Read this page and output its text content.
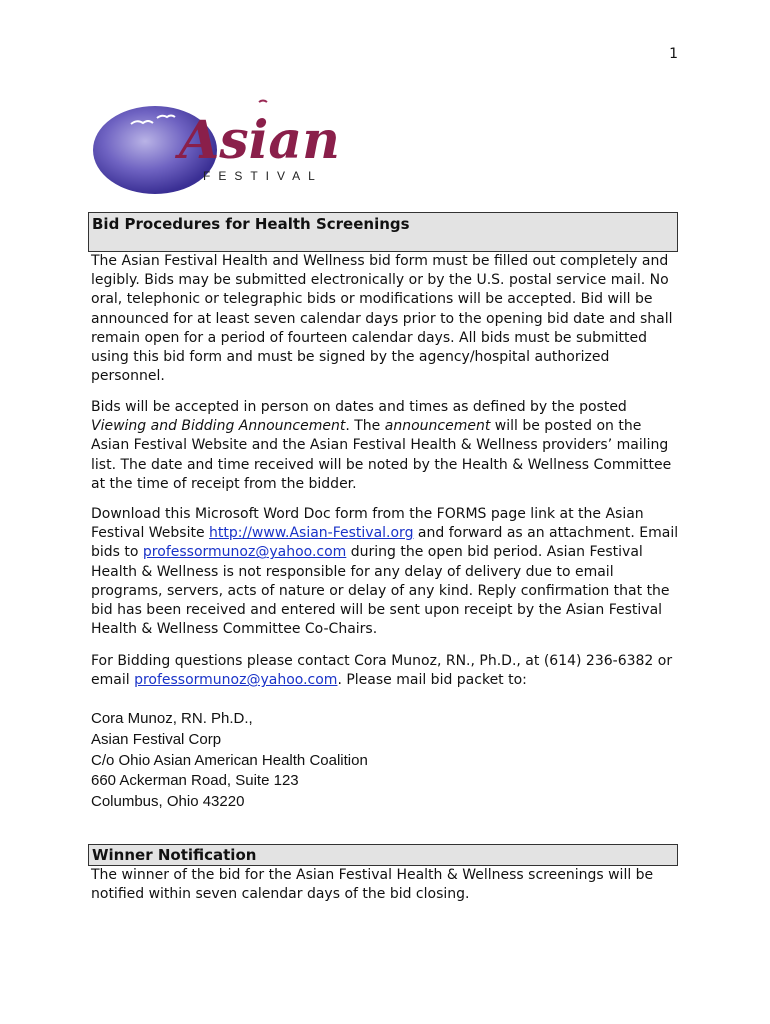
1
Asian
FESTIVAL
Bid Procedures for Health Screenings

The Asian Festival Health and Wellness bid form must be filled out completely and legibly. Bids may be submitted electronically or by the U.S. postal service mail. No oral, telephonic or telegraphic bids or modifications will be accepted. Bid will be announced for at least seven calendar days prior to the opening bid date and shall remain open for a period of fourteen calendar days. All bids must be submitted using this bid form and must be signed by the agency/hospital authorized personnel.

Bids will be accepted in person on dates and times as defined by the posted Viewing and Bidding Announcement. The announcement will be posted on the Asian Festival Website and the Asian Festival Health & Wellness providers’ mailing list. The date and time received will be noted by the Health & Wellness Committee at the time of receipt from the bidder.

Download this Microsoft Word Doc form from the FORMS page link at the Asian Festival Website http://www.Asian-Festival.org and forward as an attachment. Email bids to professormunoz@yahoo.com during the open bid period. Asian Festival Health & Wellness is not responsible for any delay of delivery due to email programs, servers, acts of nature or delay of any kind. Reply confirmation that the bid has been received and entered will be sent upon receipt by the Asian Festival Health & Wellness Committee Co-Chairs.

For Bidding questions please contact Cora Munoz, RN., Ph.D., at (614) 236-6382 or email professormunoz@yahoo.com. Please mail bid packet to:

Cora Munoz, RN. Ph.D.,
Asian Festival Corp
C/o Ohio Asian American Health Coalition
660 Ackerman Road, Suite 123
Columbus, Ohio 43220
Winner Notification

The winner of the bid for the Asian Festival Health & Wellness screenings will be notified within seven calendar days of the bid closing.
